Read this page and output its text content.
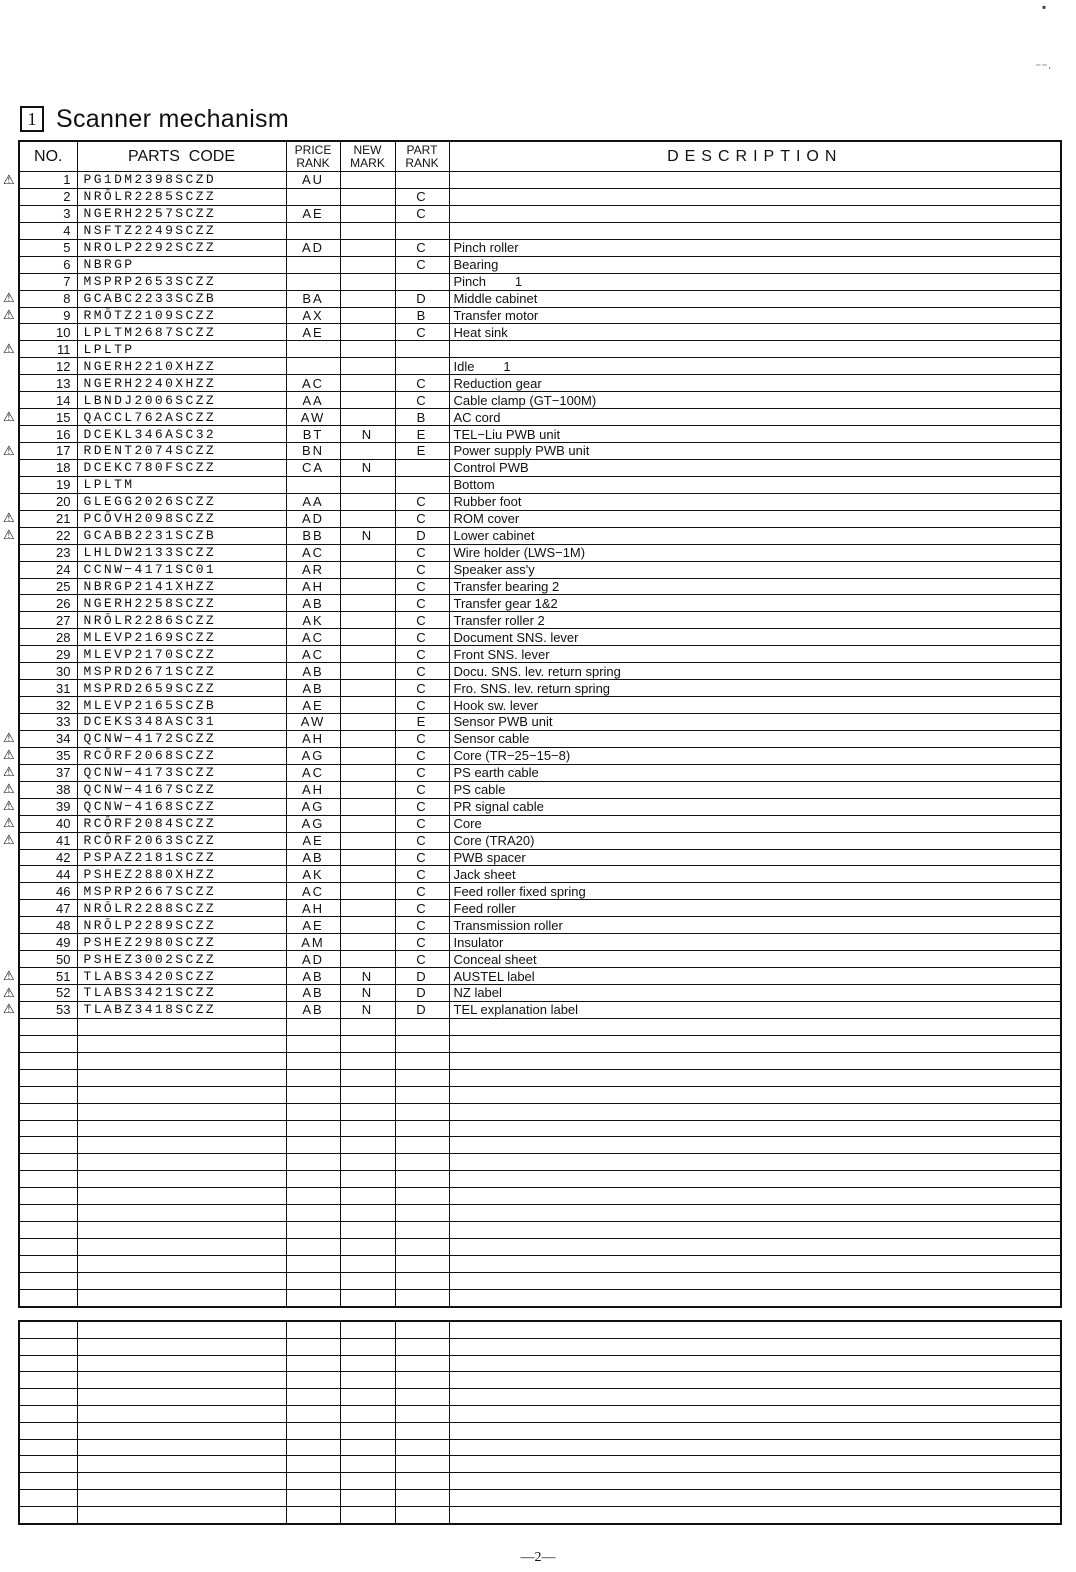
▪
⁻⁻·
1 Scanner mechanism
NO.	PARTS  CODE	PRICE RANK	NEW MARK	PART RANK	DESCRIPTION
1	PG1DM2398SCZD	AU			
2	NRŌLR2285SCZZ			C	
3	NGERH2257SCZZ	AE		C	
4	NSFTZ2249SCZZ				
5	NROLP2292SCZZ	AD		C	Pinch roller
6	NBRGP			C	Bearing
7	MSPRP2653SCZZ				Pinch        1
8	GCABC2233SCZB	BA		D	Middle cabinet
9	RMŌTZ2109SCZZ	AX		B	Transfer motor
10	LPLTM2687SCZZ	AE		C	Heat sink
11	LPLTP				
12	NGERH2210XHZZ				Idle        1
13	NGERH2240XHZZ	AC		C	Reduction gear
14	LBNDJ2006SCZZ	AA		C	Cable clamp (GT−100M)
15	QACCL762ASCZZ	AW		B	AC cord
16	DCEKL346ASC32	BT	N	E	TEL−Liu PWB unit
17	RDENT2074SCZZ	BN		E	Power supply PWB unit
18	DCEKC780FSCZZ	CA	N		Control PWB
19	LPLTM				Bottom
20	GLEGG2026SCZZ	AA		C	Rubber foot
21	PCŌVH2098SCZZ	AD		C	ROM cover
22	GCABB2231SCZB	BB	N	D	Lower cabinet
23	LHLDW2133SCZZ	AC		C	Wire holder (LWS−1M)
24	CCNW−4171SC01	AR		C	Speaker ass'y
25	NBRGP2141XHZZ	AH		C	Transfer bearing 2
26	NGERH2258SCZZ	AB		C	Transfer gear 1&2
27	NRŌLR2286SCZZ	AK		C	Transfer roller 2
28	MLEVP2169SCZZ	AC		C	Document SNS. lever
29	MLEVP2170SCZZ	AC		C	Front SNS. lever
30	MSPRD2671SCZZ	AB		C	Docu. SNS. lev. return spring
31	MSPRD2659SCZZ	AB		C	Fro. SNS. lev. return spring
32	MLEVP2165SCZB	AE		C	Hook sw. lever
33	DCEKS348ASC31	AW		E	Sensor PWB unit
34	QCNW−4172SCZZ	AH		C	Sensor cable
35	RCŌRF2068SCZZ	AG		C	Core (TR−25−15−8)
37	QCNW−4173SCZZ	AC		C	PS earth cable
38	QCNW−4167SCZZ	AH		C	PS cable
39	QCNW−4168SCZZ	AG		C	PR signal cable
40	RCŌRF2084SCZZ	AG		C	Core
41	RCŌRF2063SCZZ	AE		C	Core (TRA20)
42	PSPAZ2181SCZZ	AB		C	PWB spacer
44	PSHEZ2880XHZZ	AK		C	Jack sheet
46	MSPRP2667SCZZ	AC		C	Feed roller fixed spring
47	NRŌLR2288SCZZ	AH		C	Feed roller
48	NRŌLP2289SCZZ	AE		C	Transmission roller
49	PSHEZ2980SCZZ	AM		C	Insulator
50	PSHEZ3002SCZZ	AD		C	Conceal sheet
51	TLABS3420SCZZ	AB	N	D	AUSTEL label
52	TLABS3421SCZZ	AB	N	D	NZ label
53	TLABZ3418SCZZ	AB	N	D	TEL explanation label

⚠
⚠
⚠
⚠
⚠
⚠
⚠
⚠
⚠
⚠
⚠
⚠
⚠
⚠
⚠
⚠
⚠
⚠
—2—
